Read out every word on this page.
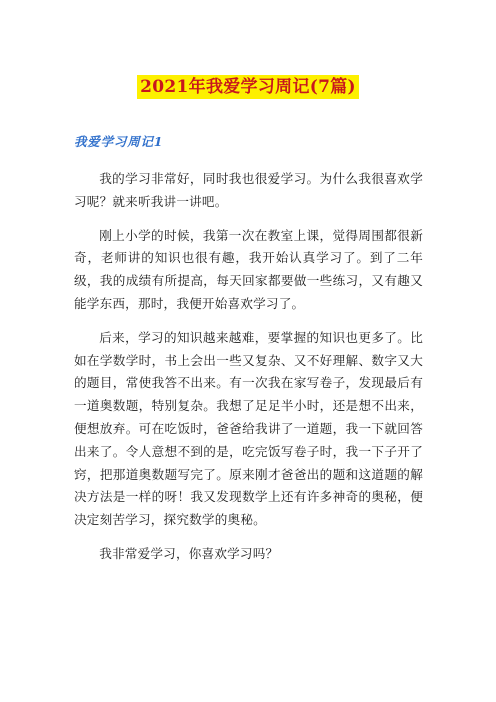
2021年我爱学习周记(7篇)
我爱学习周记1

我的学习非常好，同时我也很爱学习。为什么我很喜欢学习呢？就来听我讲一讲吧。

刚上小学的时候，我第一次在教室上课，觉得周围都很新奇，老师讲的知识也很有趣，我开始认真学习了。到了二年级，我的成绩有所提高，每天回家都要做一些练习，又有趣又能学东西，那时，我便开始喜欢学习了。

后来，学习的知识越来越难，要掌握的知识也更多了。比如在学数学时，书上会出一些又复杂、又不好理解、数字又大的题目，常使我答不出来。有一次我在家写卷子，发现最后有一道奥数题，特别复杂。我想了足足半小时，还是想不出来，便想放弃。可在吃饭时，爸爸给我讲了一道题，我一下就回答出来了。令人意想不到的是，吃完饭写卷子时，我一下子开了窍，把那道奥数题写完了。原来刚才爸爸出的题和这道题的解决方法是一样的呀！我又发现数学上还有许多神奇的奥秘，便决定刻苦学习，探究数学的奥秘。

我非常爱学习，你喜欢学习吗？
